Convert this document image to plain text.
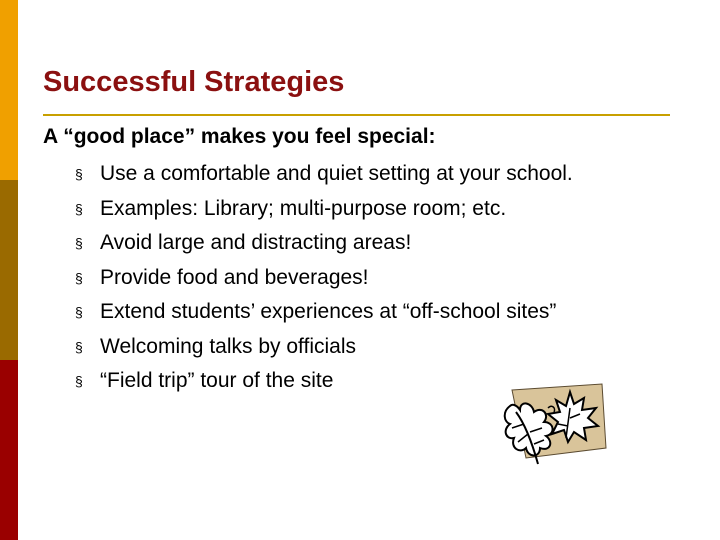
Successful Strategies
A “good place” makes you feel special:
§ Use a comfortable and quiet setting at your school.
§ Examples: Library; multi-purpose room; etc.
§ Avoid large and distracting areas!
§ Provide food and beverages!
§ Extend students’ experiences at “off-school sites”
§ Welcoming talks by officials
§ “Field trip” tour of the site
